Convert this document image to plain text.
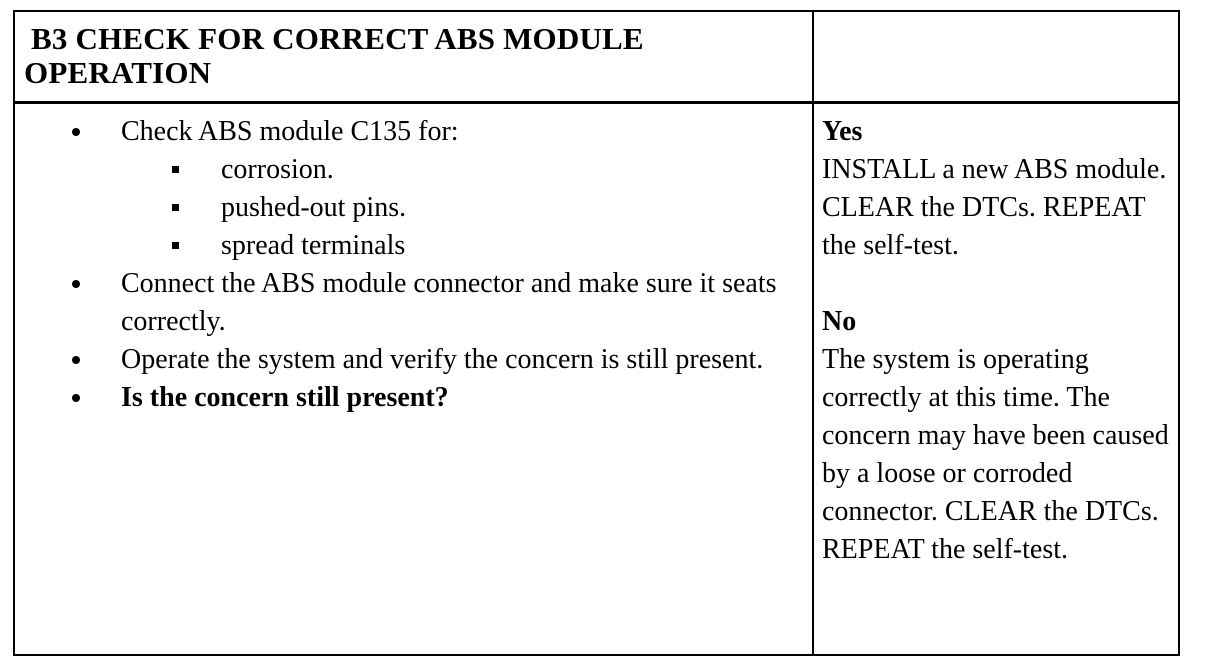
B3 CHECK FOR CORRECT ABS MODULE
OPERATION
Check ABS module C135 for:
corrosion.
pushed-out pins.
spread terminals
Connect the ABS module connector and make sure it seats correctly.
Operate the system and verify the concern is still present.
Is the concern still present?
Yes
INSTALL a new ABS module. CLEAR the DTCs. REPEAT the self-test.
No
The system is operating correctly at this time. The concern may have been caused by a loose or corroded connector. CLEAR the DTCs. REPEAT the self-test.
